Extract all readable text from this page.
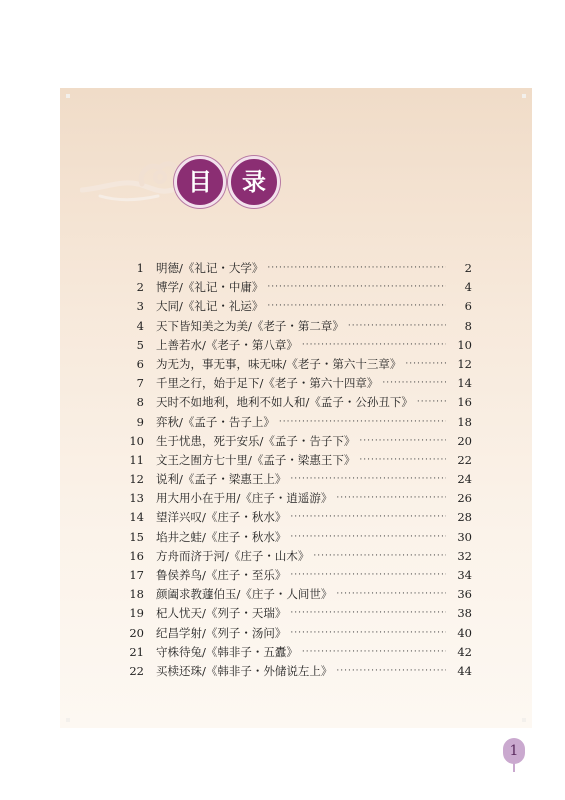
目	录
1 明德/《礼记・大学》 ·····	2
2 博学/《礼记・中庸》 ·····	4
3 大同/《礼记・礼运》 ·····	6
4 天下皆知美之为美/《老子・第二章》 ·····	8
5 上善若水/《老子・第八章》 ·····	10
6 为无为，事无事，味无味/《老子・第六十三章》 ·····	12
7 千里之行，始于足下/《老子・第六十四章》 ·····	14
8 天时不如地利，地利不如人和/《孟子・公孙丑下》 ·····	16
9 弈秋/《孟子・告子上》 ·····	18
10 生于忧患，死于安乐/《孟子・告子下》 ·····	20
11 文王之囿方七十里/《孟子・梁惠王下》 ·····	22
12 说利/《孟子・梁惠王上》 ·····	24
13 用大用小在于用/《庄子・逍遥游》 ·····	26
14 望洋兴叹/《庄子・秋水》 ·····	28
15 埳井之蛙/《庄子・秋水》 ·····	30
16 方舟而济于河/《庄子・山木》 ·····	32
17 鲁侯养鸟/《庄子・至乐》 ·····	34
18 颜阖求教蘧伯玉/《庄子・人间世》 ·····	36
19 杞人忧天/《列子・天瑞》 ·····	38
20 纪昌学射/《列子・汤问》 ·····	40
21 守株待兔/《韩非子・五蠹》 ·····	42
22 买椟还珠/《韩非子・外储说左上》 ·····	44
1
